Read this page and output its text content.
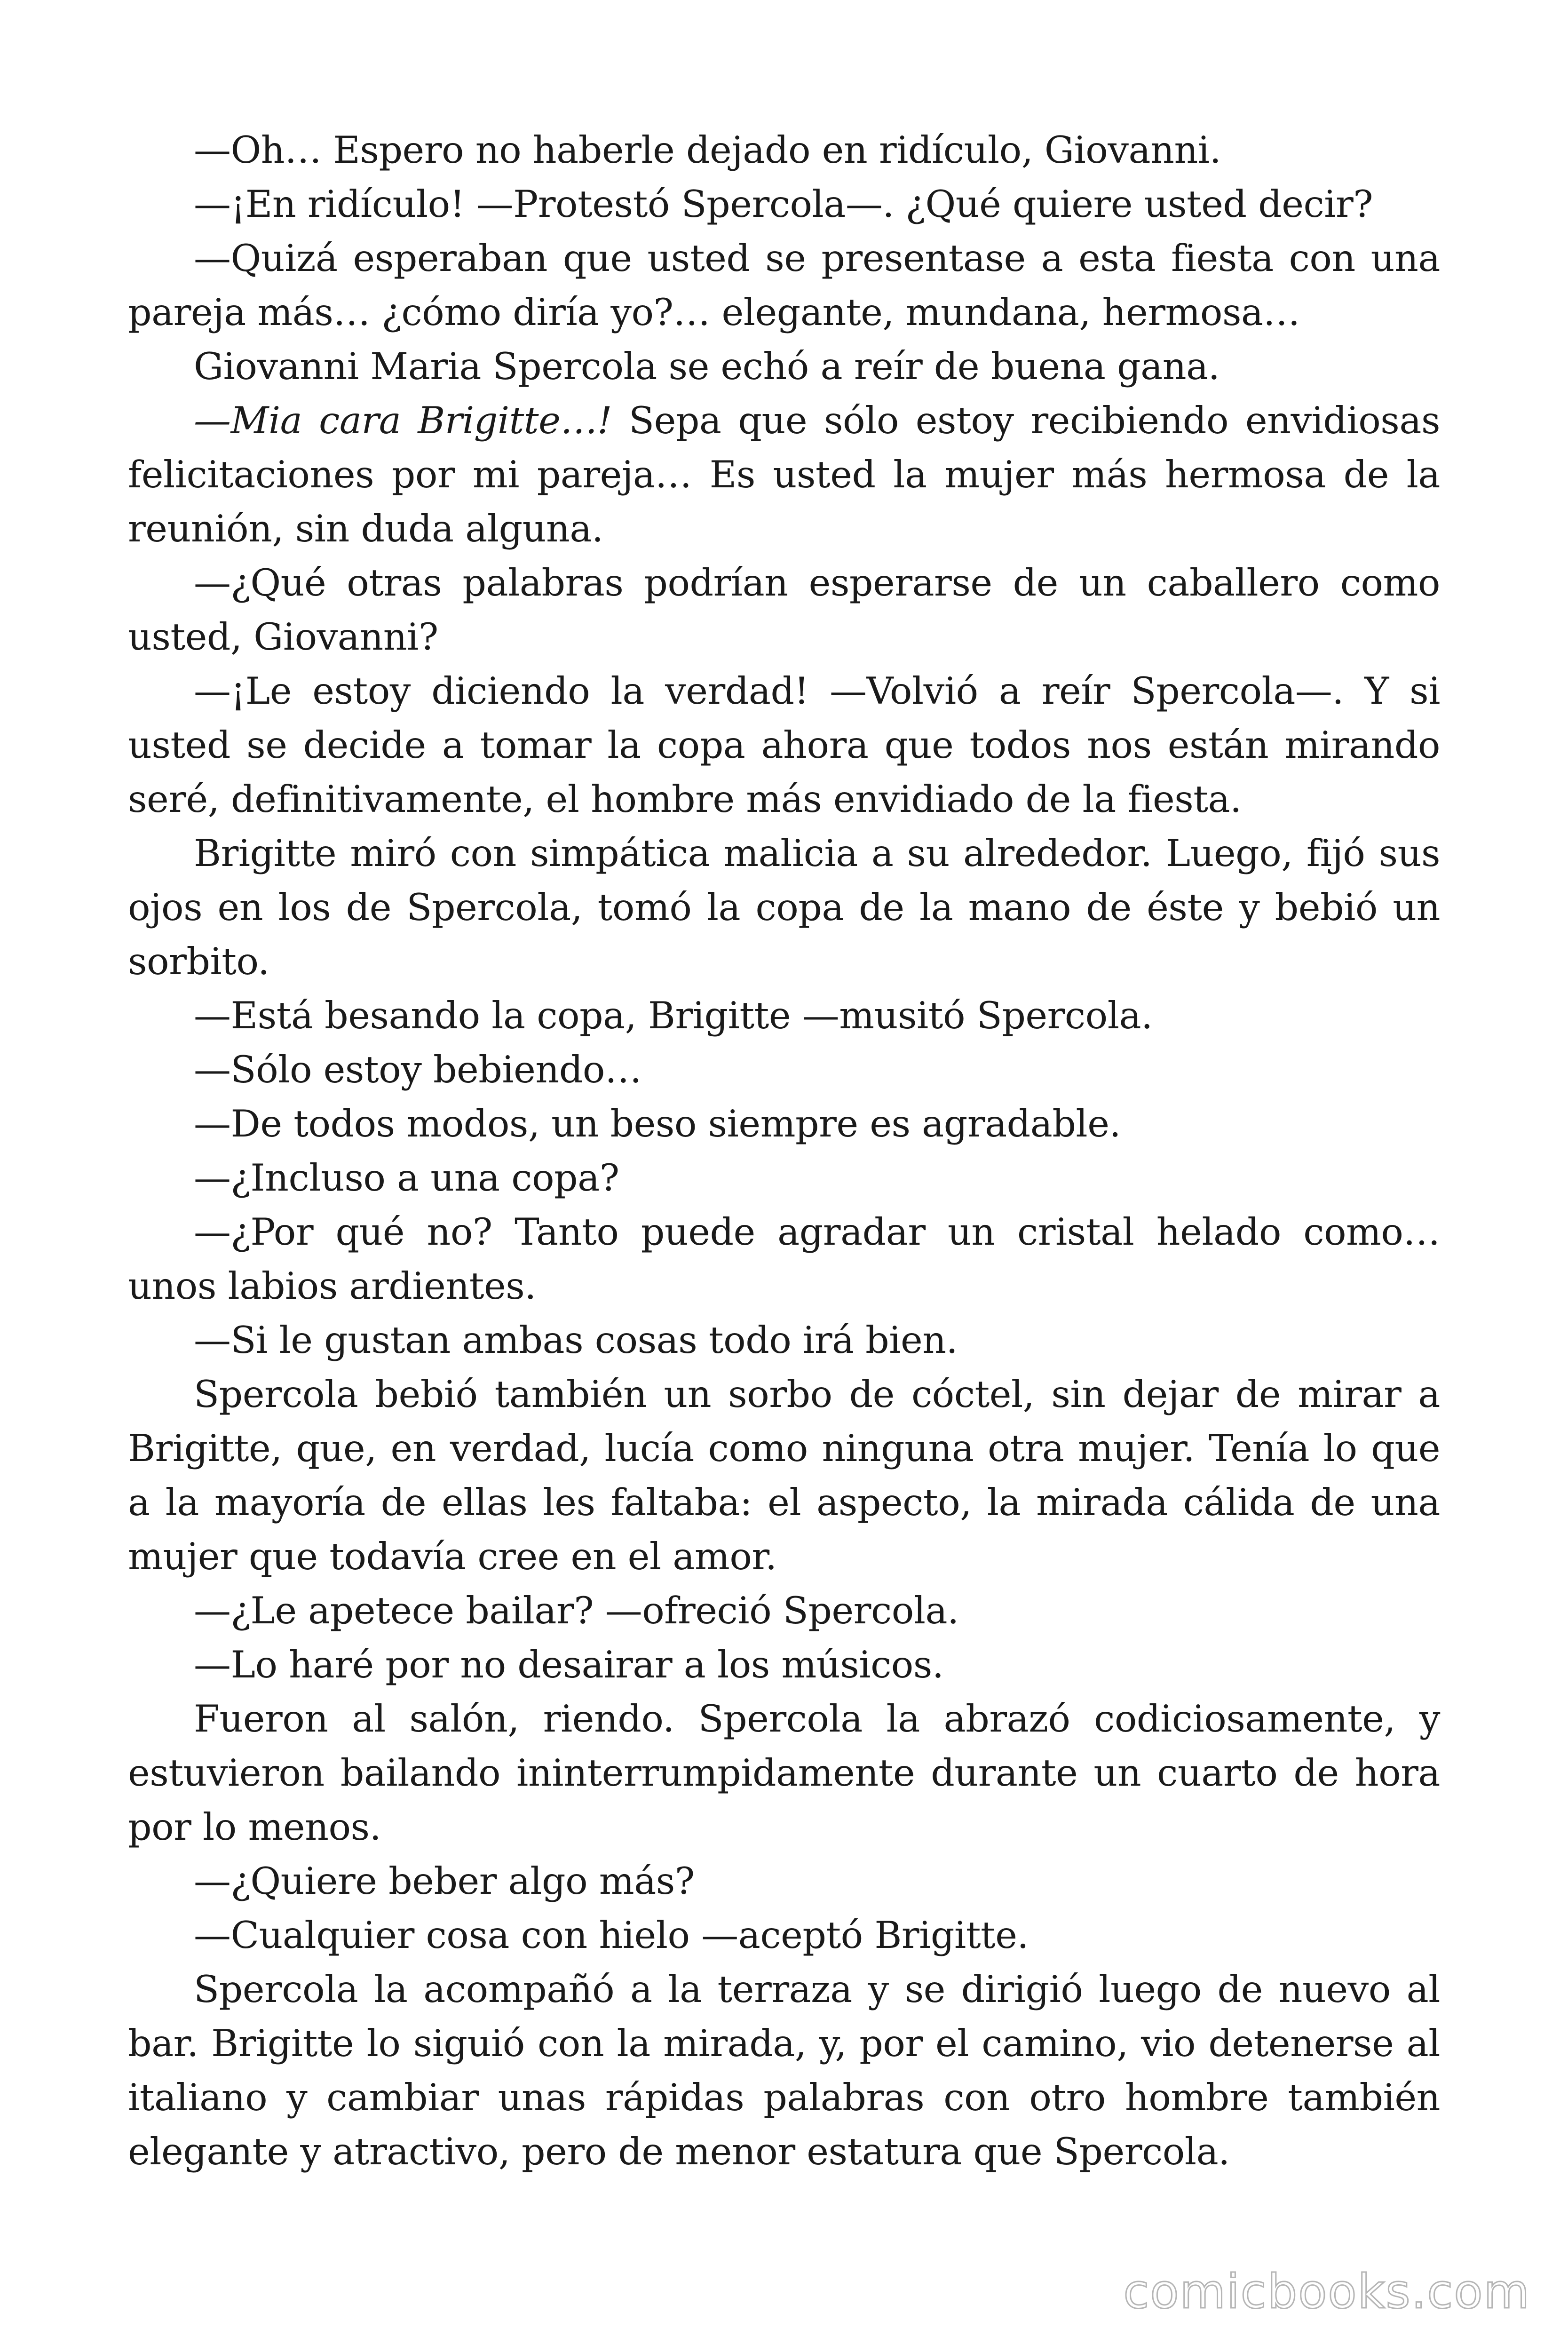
—Oh… Espero no haberle dejado en ridículo, Giovanni.

—¡En ridículo! —Protestó Spercola—. ¿Qué quiere usted decir?

—Quizá esperaban que usted se presentase a esta fiesta con una pareja más… ¿cómo diría yo?… elegante, mundana, hermosa…

Giovanni Maria Spercola se echó a reír de buena gana.

—Mia cara Brigitte…! Sepa que sólo estoy recibiendo envidiosas felicitaciones por mi pareja… Es usted la mujer más hermosa de la reunión, sin duda alguna.

—¿Qué otras palabras podrían esperarse de un caballero como usted, Giovanni?

—¡Le estoy diciendo la verdad! —Volvió a reír Spercola—. Y si usted se decide a tomar la copa ahora que todos nos están mirando seré, definitivamente, el hombre más envidiado de la fiesta.

Brigitte miró con simpática malicia a su alrededor. Luego, fijó sus ojos en los de Spercola, tomó la copa de la mano de éste y bebió un sorbito.

—Está besando la copa, Brigitte —musitó Spercola.

—Sólo estoy bebiendo…

—De todos modos, un beso siempre es agradable.

—¿Incluso a una copa?

—¿Por qué no? Tanto puede agradar un cristal helado como… unos labios ardientes.

—Si le gustan ambas cosas todo irá bien.

Spercola bebió también un sorbo de cóctel, sin dejar de mirar a Brigitte, que, en verdad, lucía como ninguna otra mujer. Tenía lo que a la mayoría de ellas les faltaba: el aspecto, la mirada cálida de una mujer que todavía cree en el amor.

—¿Le apetece bailar? —ofreció Spercola.

—Lo haré por no desairar a los músicos.

Fueron al salón, riendo. Spercola la abrazó codiciosamente, y estuvieron bailando ininterrumpidamente durante un cuarto de hora por lo menos.

—¿Quiere beber algo más?

—Cualquier cosa con hielo —aceptó Brigitte.

Spercola la acompañó a la terraza y se dirigió luego de nuevo al bar. Brigitte lo siguió con la mirada, y, por el camino, vio detenerse al italiano y cambiar unas rápidas palabras con otro hombre también elegante y atractivo, pero de menor estatura que Spercola.

comicbooks.com
